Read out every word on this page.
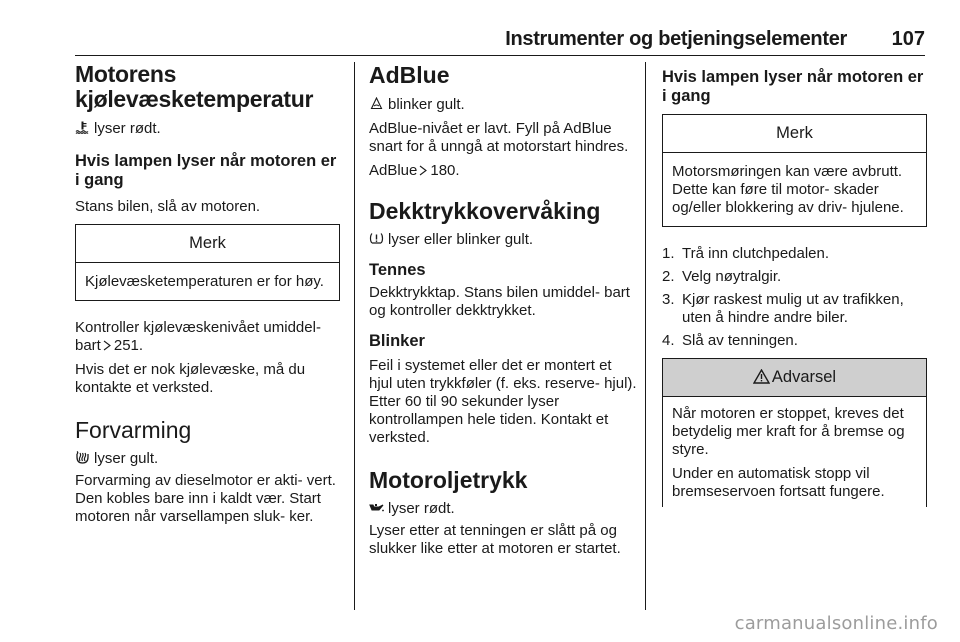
Instrumenter og betjeningselementer 107
Motorens
kjølevæsketemperatur

lyser rødt.

Hvis lampen lyser når motoren er i gang

Stans bilen, slå av motoren.

Merk

Kjølevæsketemperaturen er for høy.

Kontroller kjølevæskenivået umiddel-
bart 251.

Hvis det er nok kjølevæske, må du kontakte et verksted.

Forvarming

lyser gult.

Forvarming av dieselmotor er akti- vert. Den kobles bare inn i kaldt vær. Start motoren når varsellampen sluk- ker.

AdBlue

blinker gult.

AdBlue-nivået er lavt. Fyll på AdBlue snart for å unngå at motorstart hindres.

AdBlue 180.

Dekktrykkovervåking

lyser eller blinker gult.

Tennes

Dekktrykktap. Stans bilen umiddel- bart og kontroller dekktrykket.

Blinker

Feil i systemet eller det er montert et hjul uten trykkføler (f. eks. reserve- hjul). Etter 60 til 90 sekunder lyser kontrollampen hele tiden. Kontakt et verksted.

Motoroljetrykk

lyser rødt.

Lyser etter at tenningen er slått på og slukker like etter at motoren er startet.

Hvis lampen lyser når motoren er i gang
Merk

Motorsmøringen kan være avbrutt. Dette kan føre til motor- skader og/eller blokkering av driv- hjulene.

1. Trå inn clutchpedalen.
2. Velg nøytralgir.
3. Kjør raskest mulig ut av trafikken, uten å hindre andre biler.
4. Slå av tenningen.
Advarsel

Når motoren er stoppet, kreves det betydelig mer kraft for å bremse og styre.

Under en automatisk stopp vil bremseservoen fortsatt fungere.

carmanualsonline.info
